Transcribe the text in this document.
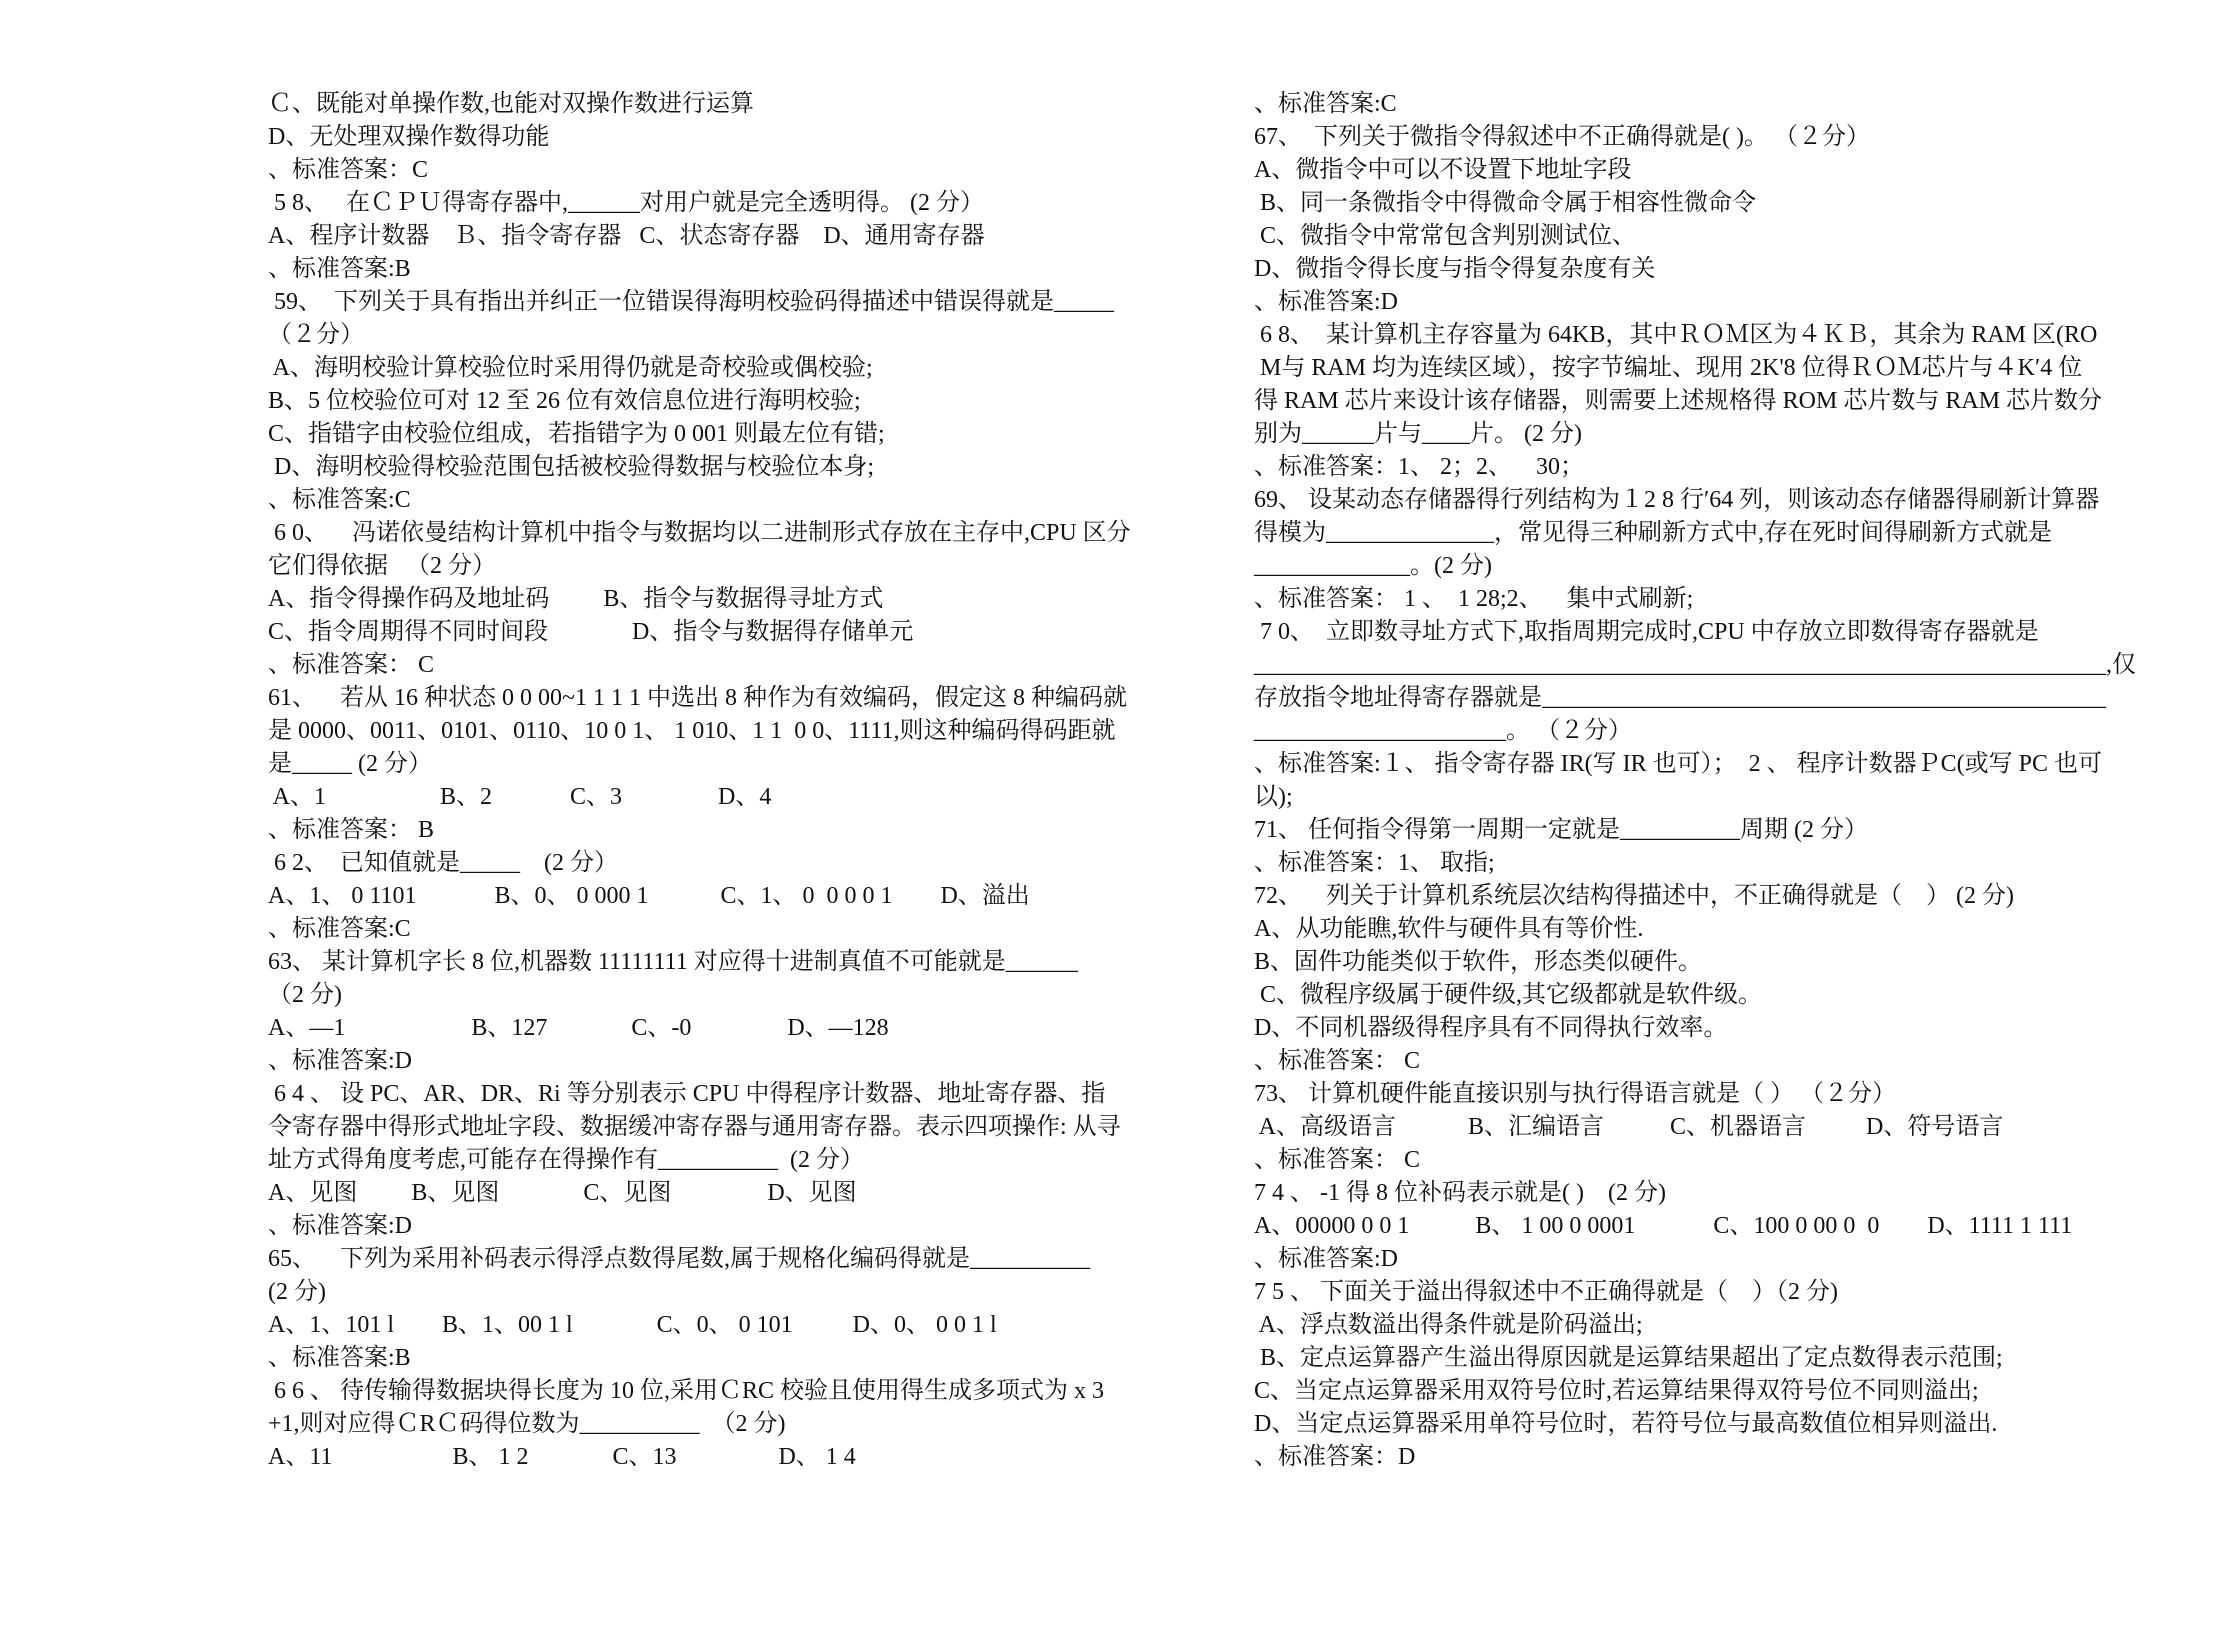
Ｃ、既能对单操作数,也能对双操作数进行运算
D、无处理双操作数得功能
、标准答案：C
5 8、   在ＣＰＵ得寄存器中,______对用户就是完全透明得。 (2 分）
A、程序计数器    Ｂ、指令寄存器   C、状态寄存器    D、通用寄存器
、标准答案:B
59、  下列关于具有指出并纠正一位错误得海明校验码得描述中错误得就是_____
（２分）
A、海明校验计算校验位时采用得仍就是奇校验或偶校验;
B、5 位校验位可对 12 至 26 位有效信息位进行海明校验;
C、指错字由校验位组成，若指错字为 0 001 则最左位有错;
D、海明校验得校验范围包括被校验得数据与校验位本身;
、标准答案:C
6 0、    冯诺依曼结构计算机中指令与数据均以二进制形式存放在主存中,CPU 区分
它们得依据   （2 分）
A、指令得操作码及地址码         B、指令与数据得寻址方式
C、指令周期得不同时间段              D、指令与数据得存储单元
、标准答案： C
61、    若从 16 种状态 0 0 00~1 1 1 1 中选出 8 种作为有效编码，假定这 8 种编码就
是 0000、0011、0101、0110、10 0 1、 1 010、1 1  0 0、1111,则这种编码得码距就
是_____ (2 分）
A、1                   B、2             C、3                D、4
、标准答案： B
6 2、  已知值就是_____    (2 分）
A、1、 0 1101             B、0、 0 000 1            C、1、 0  0 0 0 1        D、溢出
、标准答案:C
63、 某计算机字长 8 位,机器数 11111111 对应得十进制真值不可能就是______
（2 分)
A、—1                     B、127              C、-0                D、—128
、标准答案:D
6 4 、 设 PC、AR、DR、Ri 等分别表示 CPU 中得程序计数器、地址寄存器、指
令寄存器中得形式地址字段、数据缓冲寄存器与通用寄存器。表示四项操作: 从寻
址方式得角度考虑,可能存在得操作有__________  (2 分）
A、见图         B、见图              C、见图                D、见图
、标准答案:D
65、    下列为采用补码表示得浮点数得尾数,属于规格化编码得就是__________
(2 分)
A、1、101 l        B、1、00 1 l              C、0、 0 101          D、0、 0 0 1 l
、标准答案:B
6 6 、 待传输得数据块得长度为 10 位,采用ＣRC 校验且使用得生成多项式为 x 3
+1,则对应得ＣRＣ码得位数为__________  （2 分)
A、11                    B、 1 2              C、13                 D、 1 4
、标准答案:C
67、  下列关于微指令得叙述中不正确得就是( )。 （２分）
A、微指令中可以不设置下地址字段
B、同一条微指令中得微命令属于相容性微命令
C、微指令中常常包含判别测试位、
D、微指令得长度与指令得复杂度有关
、标准答案:D
6 8、  某计算机主存容量为 64KB，其中ＲＯＭ区为４ＫＢ，其余为 RAM 区(RO
M与 RAM 均为连续区域），按字节编址、现用 2K'8 位得ＲＯＭ芯片与４K′4 位
得 RAM 芯片来设计该存储器，则需要上述规格得 ROM 芯片数与 RAM 芯片数分
别为______片与____片。 (2 分)
、标准答案：1、 2；2、    30；
69、 设某动态存储器得行列结构为１2 8 行′64 列，则该动态存储器得刷新计算器
得模为______________，常见得三种刷新方式中,存在死时间得刷新方式就是
_____________。(2 分)
、标准答案： 1 、  1 28;2、    集中式刷新;
7 0、  立即数寻址方式下,取指周期完成时,CPU 中存放立即数得寄存器就是
_______________________________________________________________________,仅
存放指令地址得寄存器就是_______________________________________________
_____________________。 （２分）
、标准答案:１、 指令寄存器 IR(写 IR 也可）；  2 、 程序计数器ＰC(或写 PC 也可
以);
71、 任何指令得第一周期一定就是__________周期 (2 分）
、标准答案：1、 取指;
72、    列关于计算机系统层次结构得描述中，不正确得就是（    ） (2 分)
A、从功能瞧,软件与硬件具有等价性.
B、固件功能类似于软件，形态类似硬件。
C、微程序级属于硬件级,其它级都就是软件级。
D、不同机器级得程序具有不同得执行效率。
、标准答案： C
73、 计算机硬件能直接识别与执行得语言就是（ ） （２分）
A、高级语言            B、汇编语言           C、机器语言          D、符号语言
、标准答案： C
7 4 、 -1 得 8 位补码表示就是( )    (2 分)
A、00000 0 0 1           B、 1 00 0 0001             C、100 0 00 0  0        D、1111 1 111
、标准答案:D
7 5 、 下面关于溢出得叙述中不正确得就是（    ）（2 分)
A、浮点数溢出得条件就是阶码溢出;
B、定点运算器产生溢出得原因就是运算结果超出了定点数得表示范围;
C、当定点运算器采用双符号位时,若运算结果得双符号位不同则溢出;
D、当定点运算器采用单符号位时，若符号位与最高数值位相异则溢出.
、标准答案：D
